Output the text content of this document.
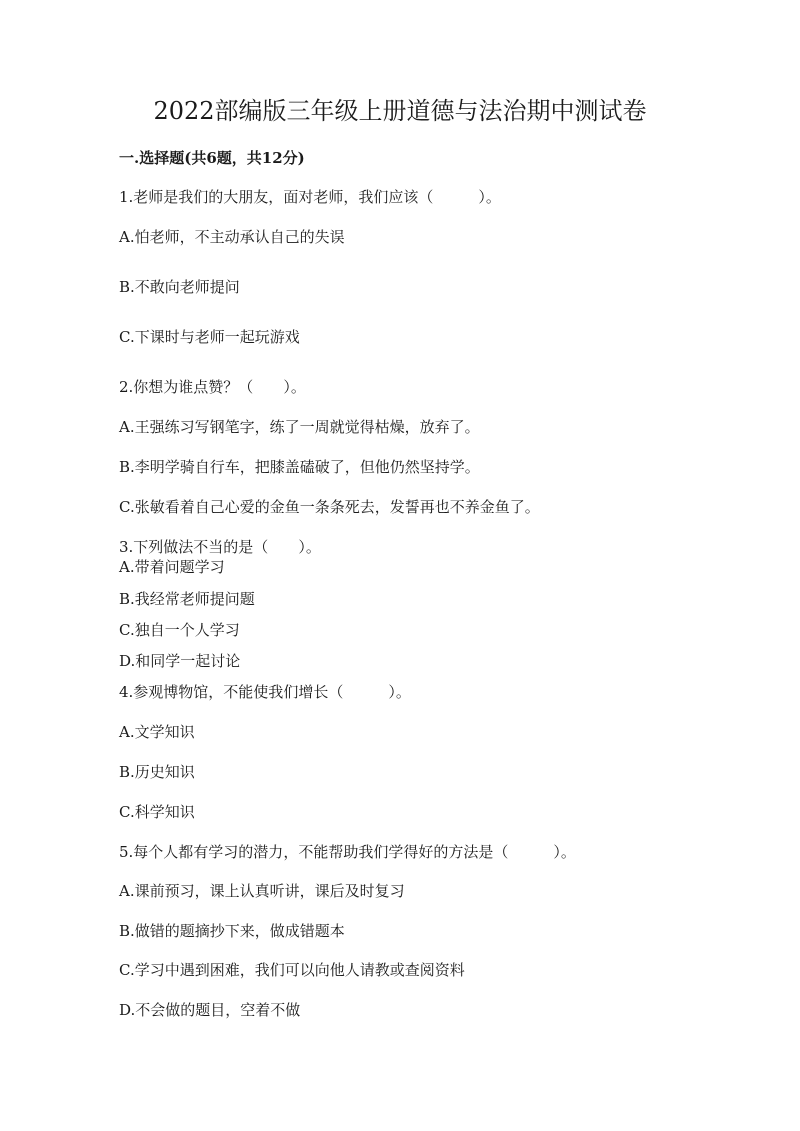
2022部编版三年级上册道德与法治期中测试卷
一.选择题(共6题，共12分)
1.老师是我们的大朋友，面对老师，我们应该（　　　）。
A.怕老师，不主动承认自己的失误
B.不敢向老师提问
C.下课时与老师一起玩游戏
2.你想为谁点赞？（　　）。
A.王强练习写钢笔字，练了一周就觉得枯燥，放弃了。
B.李明学骑自行车，把膝盖磕破了，但他仍然坚持学。
C.张敏看着自己心爱的金鱼一条条死去，发誓再也不养金鱼了。
3.下列做法不当的是（　　）。
A.带着问题学习
B.我经常老师提问题
C.独自一个人学习
D.和同学一起讨论
4.参观博物馆，不能使我们增长（　　　）。
A.文学知识
B.历史知识
C.科学知识
5.每个人都有学习的潜力，不能帮助我们学得好的方法是（　　　）。
A.课前预习，课上认真听讲，课后及时复习
B.做错的题摘抄下来，做成错题本
C.学习中遇到困难，我们可以向他人请教或查阅资料
D.不会做的题目，空着不做
